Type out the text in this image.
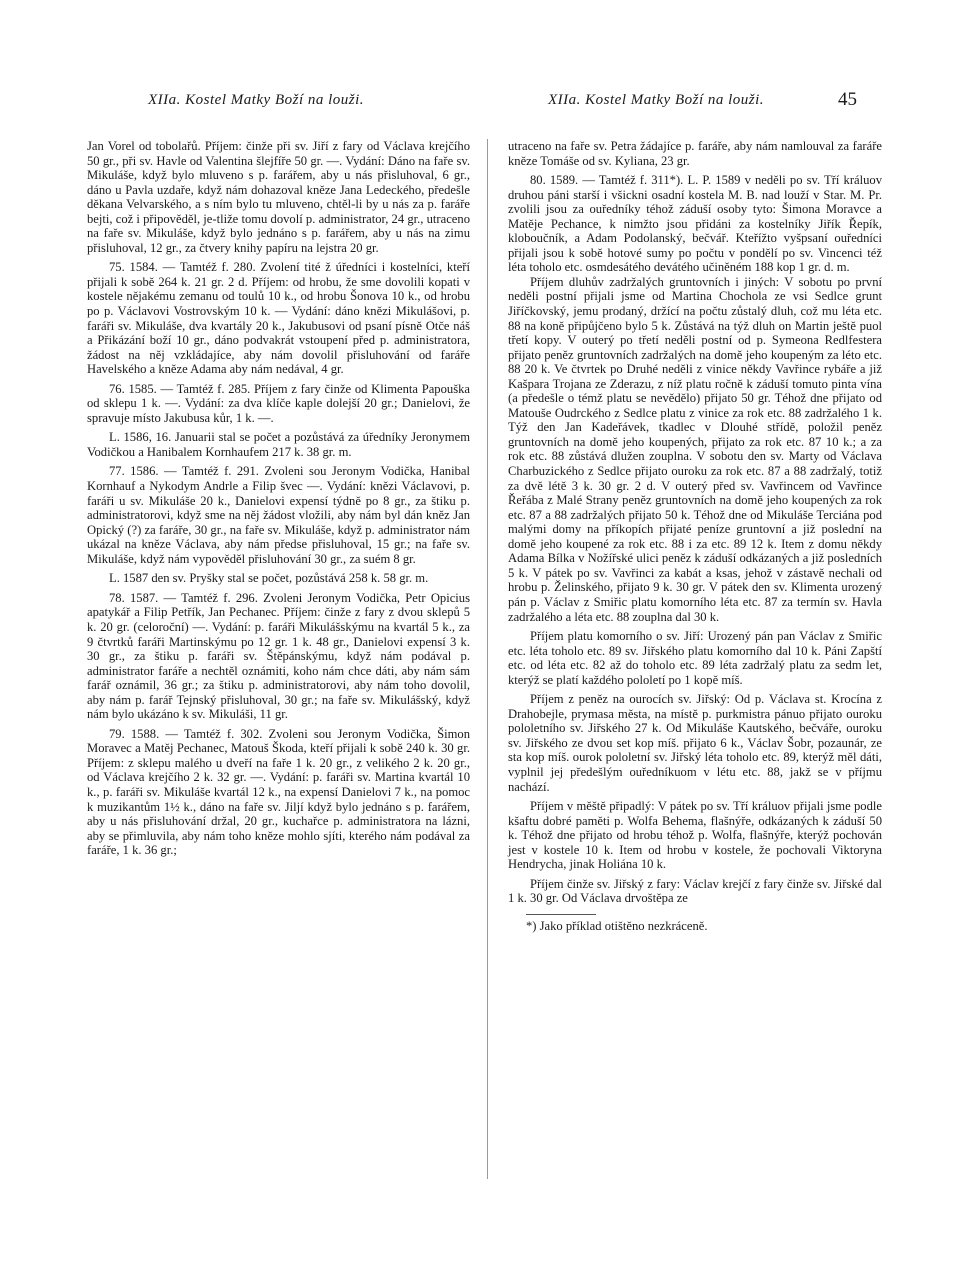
XIIa. Kostel Matky Boží na louži.	XIIa. Kostel Matky Boží na louži.	45

Jan Vorel od tobolařů. Příjem: činže při sv. Jiří z fary od Václava krejčího 50 gr., při sv. Havle od Valentina šlejfíře 50 gr. —. Vydání: Dáno na faře sv. Mikuláše, když bylo mluveno s p. farářem, aby u nás přisluhoval, 6 gr., dáno u Pavla uzdaře, když nám dohazoval kněze Jana Ledeckého, předešle děkana Velvarského, a s ním bylo tu mluveno, chtěl-li by u nás za p. faráře bejti, což i připověděl, je-tliže tomu dovolí p. administrator, 24 gr., utraceno na faře sv. Mikuláše, když bylo jednáno s p. farářem, aby u nás na zimu přisluhoval, 12 gr., za čtvery knihy papíru na lejstra 20 gr.

75. 1584. — Tamtéž f. 280. Zvolení tité ž úředníci i kostelníci, kteří přijali k sobě 264 k. 21 gr. 2 d. Příjem: od hrobu, že sme dovolili kopati v kostele nějakému zemanu od toulů 10 k., od hrobu Šonova 10 k., od hrobu po p. Václavovi Vostrovským 10 k. — Vydání: dáno knězi Mikulášovi, p. faráři sv. Mikuláše, dva kvartály 20 k., Jakubusovi od psaní písně Otče náš a Přikázání boží 10 gr., dáno podvakrát vstoupení před p. administratora, žádost na něj vzkládajíce, aby nám dovolil přisluhování od faráře Havelského a kněze Adama aby nám nedával, 4 gr.

76. 1585. — Tamtéž f. 285. Příjem z fary činže od Klimenta Papouška od sklepu 1 k. —. Vydání: za dva klíče kaple dolejší 20 gr.; Danielovi, že spravuje místo Jakubusa kůr, 1 k. —.

L. 1586, 16. Januarii stal se počet a pozůstává za úředníky Jeronymem Vodičkou a Hanibalem Kornhaufem 217 k. 38 gr. m.

77. 1586. — Tamtéž f. 291. Zvoleni sou Jeronym Vodička, Hanibal Kornhauf a Nykodym Andrle a Filip švec —. Vydání: knězi Václavovi, p. faráři u sv. Mikuláše 20 k., Danielovi expensí týdně po 8 gr., za štiku p. administratorovi, když sme na něj žádost vložili, aby nám byl dán kněz Jan Opický (?) za faráře, 30 gr., na faře sv. Mikuláše, když p. administrator nám ukázal na kněze Václava, aby nám předse přisluhoval, 15 gr.; na faře sv. Mikuláše, když nám vypověděl přisluhování 30 gr., za suém 8 gr.

L. 1587 den sv. Pryšky stal se počet, pozůstává 258 k. 58 gr. m.

78. 1587. — Tamtéž f. 296. Zvoleni Jeronym Vodička, Petr Opicius apatykář a Filip Petřík, Jan Pechanec. Příjem: činže z fary z dvou sklepů 5 k. 20 gr. (celoroční) —. Vydání: p. faráři Mikulášskýmu na kvartál 5 k., za 9 čtvrtků faráři Martinskýmu po 12 gr. 1 k. 48 gr., Danielovi expensí 3 k. 30 gr., za štiku p. faráři sv. Štěpánskýmu, když nám podával p. administrator faráře a nechtěl oznámiti, koho nám chce dáti, aby nám sám farář oznámil, 36 gr.; za štiku p. administratorovi, aby nám toho dovolil, aby nám p. farář Tejnský přisluhoval, 30 gr.; na faře sv. Mikulášský, když nám bylo ukázáno k sv. Mikuláši, 11 gr.

79. 1588. — Tamtéž f. 302. Zvoleni sou Jeronym Vodička, Šimon Moravec a Matěj Pechanec, Matouš Škoda, kteří přijali k sobě 240 k. 30 gr. Příjem: z sklepu malého u dveří na faře 1 k. 20 gr., z velikého 2 k. 20 gr., od Václava krejčího 2 k. 32 gr. —. Vydání: p. faráři sv. Martina kvartál 10 k., p. faráři sv. Mikuláše kvartál 12 k., na expensí Danielovi 7 k., na pomoc k muzikantům 1½ k., dáno na faře sv. Jiljí když bylo jednáno s p. farářem, aby u nás přisluhování držal, 20 gr., kuchařce p. administratora na lázni, aby se přimluvila, aby nám toho kněze mohlo sjíti, kterého nám podával za faráře, 1 k. 36 gr.;

utraceno na faře sv. Petra žádajíce p. faráře, aby nám namlouval za faráře kněze Tomáše od sv. Kyliana, 23 gr.

80. 1589. — Tamtéž f. 311*). L. P. 1589 v neděli po sv. Tří králuov druhou páni starší i všickni osadní kostela M. B. nad louží v Star. M. Pr. zvolili jsou za ouředníky téhož záduší osoby tyto: Šimona Moravce a Matěje Pechance, k nimžto jsou přidáni za kostelníky Jiřík Řepík, kloboučník, a Adam Podolanský, bečvář. Kteřížto vyšpsaní ouředníci přijali jsou k sobě hotové sumy po počtu v pondělí po sv. Vincenci též léta toholo etc. osmdesátého devátého učiněném 188 kop 1 gr. d. m.

Příjem dluhův zadržalých gruntovních i jiných: V sobotu po první neděli postní přijali jsme od Martina Chochola ze vsi Sedlce grunt Jiříčkovský, jemu prodaný, držící na počtu zůstalý dluh, což mu léta etc. 88 na koně připůjčeno bylo 5 k. Zůstává na týž dluh on Martin ještě puol třetí kopy. V outerý po třetí neděli postní od p. Symeona Redlfestera přijato peněz gruntovních zadržalých na domě jeho koupeným za léto etc. 88 20 k. Ve čtvrtek po Druhé neděli z vinice někdy Vavřince rybáře a již Kašpara Trojana ze Zderazu, z níž platu ročně k záduší tomuto pinta vína (a předešle o témž platu se nevědělo) přijato 50 gr. Téhož dne přijato od Matouše Oudrckého z Sedlce platu z vinice za rok etc. 88 zadržalého 1 k. Týž den Jan Kadeřávek, tkadlec v Dlouhé střídě, položil peněz gruntovních na domě jeho koupených, přijato za rok etc. 87 10 k.; a za rok etc. 88 zůstává dlužen zouplna. V sobotu den sv. Marty od Václava Charbuzického z Sedlce přijato ouroku za rok etc. 87 a 88 zadržalý, totiž za dvě létě 3 k. 30 gr. 2 d. V outerý před sv. Vavřincem od Vavřince Řeřába z Malé Strany peněz gruntovních na domě jeho koupených za rok etc. 87 a 88 zadržalých přijato 50 k. Téhož dne od Mikuláše Terciána pod malými domy na příkopích přijaté peníze gruntovní a již poslední na domě jeho koupené za rok etc. 88 i za etc. 89 12 k. Item z domu někdy Adama Bílka v Nožířské ulici peněz k záduší odkázaných a již posledních 5 k. V pátek po sv. Vavřinci za kabát a ksas, jehož v zástavě nechali od hrobu p. Želinského, přijato 9 k. 30 gr. V pátek den sv. Klimenta urozený pán p. Václav z Smiřic platu komorního léta etc. 87 za termín sv. Havla zadržalého a léta etc. 88 zouplna dal 30 k.

Příjem platu komorního o sv. Jiří: Urozený pán pan Václav z Smiřic etc. léta toholo etc. 89 sv. Jiřského platu komorního dal 10 k. Páni Zapští etc. od léta etc. 82 až do toholo etc. 89 léta zadržalý platu za sedm let, kterýž se platí každého pololetí po 1 kopě míš.

Příjem z peněz na ourocích sv. Jiřský: Od p. Václava st. Krocína z Drahobejle, prymasa města, na místě p. purkmistra pánuo přijato ouroku pololetního sv. Jiřského 27 k. Od Mikuláše Kautského, bečváře, ouroku sv. Jiřského ze dvou set kop míš. přijato 6 k., Václav Šobr, pozaunár, ze sta kop míš. ourok pololetní sv. Jiřský léta toholo etc. 89, kterýž měl dáti, vyplnil jej předešlým ouředníkuom v létu etc. 88, jakž se v příjmu nachází.

Příjem v měště připadlý: V pátek po sv. Tří králuov přijali jsme podle kšaftu dobré paměti p. Wolfa Behema, flašnýře, odkázaných k záduší 50 k. Téhož dne přijato od hrobu téhož p. Wolfa, flašnýře, kterýž pochován jest v kostele 10 k. Item od hrobu v kostele, že pochovali Viktoryna Hendrycha, jinak Holiána 10 k.

Příjem činže sv. Jiřský z fary: Václav krejčí z fary činže sv. Jiřské dal 1 k. 30 gr. Od Václava drvoštěpa ze

*) Jako příklad otištěno nezkráceně.
